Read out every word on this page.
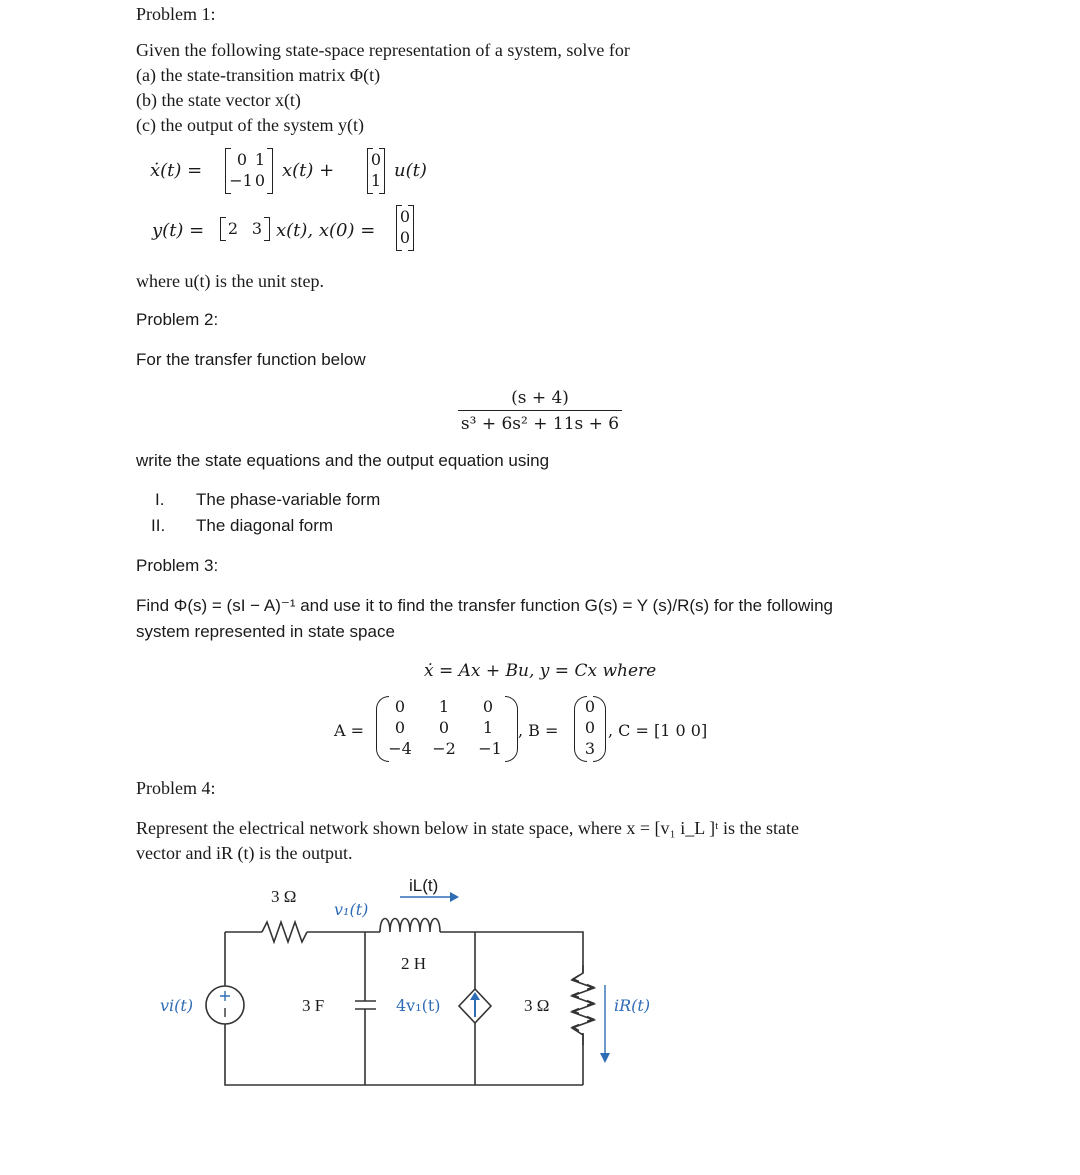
Problem 1:
Given the following state-space representation of a system, solve for
(a) the state-transition matrix Φ(t)
(b) the state vector x(t)
(c) the output of the system y(t)
ẋ(t) =
0 1
−1 0 x(t) +
0
1 u(t)
y(t) = 2 3 x(t), x(0) =
0
0
where u(t) is the unit step.
Problem 2:
For the transfer function below
(s + 4)
s³ + 6s² + 11s + 6
write the state equations and the output equation using
I. The phase-variable form
II. The diagonal form
Problem 3:
Find Φ(s) = (sI − A)⁻¹ and use it to find the transfer function G(s) = Y (s)/R(s) for the following
system represented in state space
ẋ = Ax + Bu, y = Cx where
A =
0	1	0
0	0	1
−4 −2 −1
, B =
0
0
3
, C = [1 0 0]
Problem 4:
Represent the electrical network shown below in state space, where x = [v₁ i_L ]ᵗ is the state
vector and iR (t) is the output.
3 Ω
v₁(t)
iL(t)
2 H
vi(t)	3 F	4v₁(t)	3 Ω	iR(t)
